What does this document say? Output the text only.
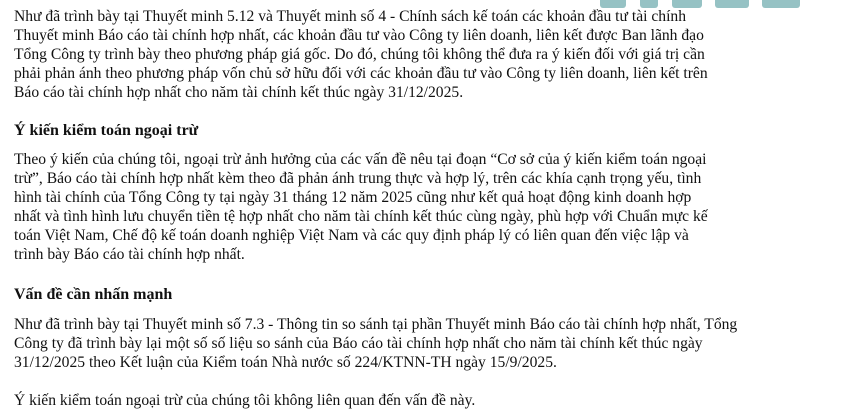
Như đã trình bày tại Thuyết minh 5.12 và Thuyết minh số 4 - Chính sách kế toán các khoản đầu tư tài chính
Thuyết minh Báo cáo tài chính hợp nhất, các khoản đầu tư vào Công ty liên doanh, liên kết được Ban lãnh đạo
Tổng Công ty trình bày theo phương pháp giá gốc. Do đó, chúng tôi không thể đưa ra ý kiến đối với giá trị cần
phải phản ánh theo phương pháp vốn chủ sở hữu đối với các khoản đầu tư vào Công ty liên doanh, liên kết trên
Báo cáo tài chính hợp nhất cho năm tài chính kết thúc ngày 31/12/2025.
Ý kiến kiểm toán ngoại trừ
Theo ý kiến của chúng tôi, ngoại trừ ảnh hưởng của các vấn đề nêu tại đoạn “Cơ sở của ý kiến kiểm toán ngoại
trừ”, Báo cáo tài chính hợp nhất kèm theo đã phản ánh trung thực và hợp lý, trên các khía cạnh trọng yếu, tình
hình tài chính của Tổng Công ty tại ngày 31 tháng 12 năm 2025 cũng như kết quả hoạt động kinh doanh hợp
nhất và tình hình lưu chuyển tiền tệ hợp nhất cho năm tài chính kết thúc cùng ngày, phù hợp với Chuẩn mực kế
toán Việt Nam, Chế độ kế toán doanh nghiệp Việt Nam và các quy định pháp lý có liên quan đến việc lập và
trình bày Báo cáo tài chính hợp nhất.
Vấn đề cần nhấn mạnh
Như đã trình bày tại Thuyết minh số 7.3 - Thông tin so sánh tại phần Thuyết minh Báo cáo tài chính hợp nhất, Tổng
Công ty đã trình bày lại một số số liệu so sánh của Báo cáo tài chính hợp nhất cho năm tài chính kết thúc ngày
31/12/2025 theo Kết luận của Kiểm toán Nhà nước số 224/KTNN-TH ngày 15/9/2025.
Ý kiến kiểm toán ngoại trừ của chúng tôi không liên quan đến vấn đề này.
